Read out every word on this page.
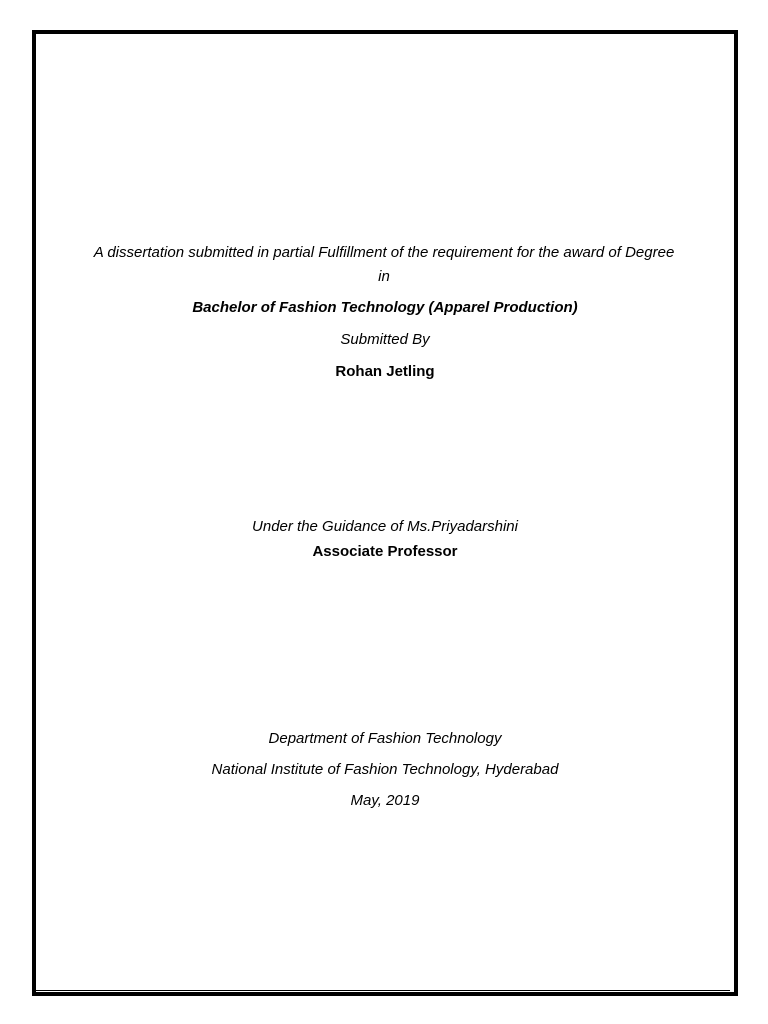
A dissertation submitted in partial Fulfillment of the requirement for the award of Degree in
Bachelor of Fashion Technology (Apparel Production)
Submitted By
Rohan Jetling
Under the Guidance of Ms.Priyadarshini
Associate Professor
Department of Fashion Technology
National Institute of Fashion Technology, Hyderabad
May, 2019
